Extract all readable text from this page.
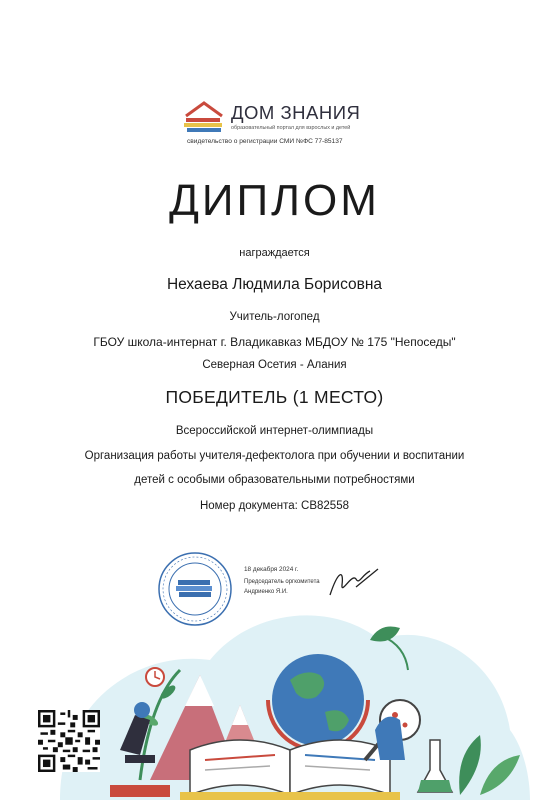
ДОМ ЗНАНИЯ
образовательный портал для взрослых и детей
свидетельство о регистрации СМИ №ФС 77-85137
ДИПЛОМ
награждается
Нехаева Людмила Борисовна
Учитель-логопед
ГБОУ школа-интернат г. Владикавказ МБДОУ № 175 "Непоседы"
Северная Осетия - Алания
ПОБЕДИТЕЛЬ (1 МЕСТО)
Всероссийской интернет-олимпиады
Организация работы учителя-дефектолога при обучении и воспитании
детей с особыми образовательными потребностями
Номер документа: СВ82558
18 декабря 2024 г.
Председатель оргкомитета
Андриенко Я.И.
